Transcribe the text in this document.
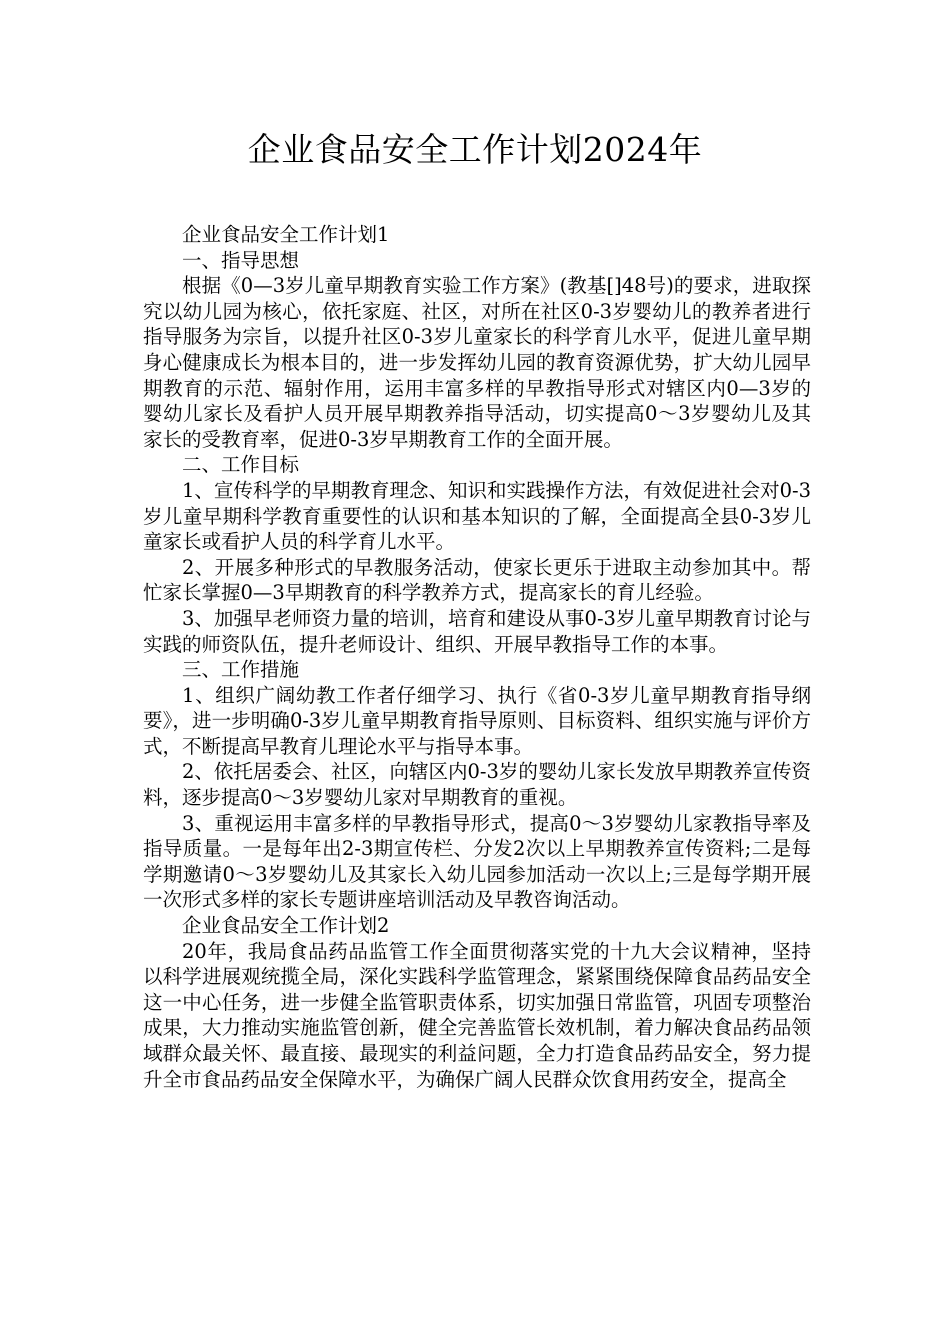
企业食品安全工作计划2024年

企业食品安全工作计划1

一、指导思想

根据《0—3岁儿童早期教育实验工作方案》(教基[]48号)的要求，进取探究以幼儿园为核心，依托家庭、社区，对所在社区0-3岁婴幼儿的教养者进行指导服务为宗旨，以提升社区0-3岁儿童家长的科学育儿水平，促进儿童早期身心健康成长为根本目的，进一步发挥幼儿园的教育资源优势，扩大幼儿园早期教育的示范、辐射作用，运用丰富多样的早教指导形式对辖区内0—3岁的婴幼儿家长及看护人员开展早期教养指导活动，切实提高0～3岁婴幼儿及其家长的受教育率，促进0-3岁早期教育工作的全面开展。

二、工作目标

1、宣传科学的早期教育理念、知识和实践操作方法，有效促进社会对0-3岁儿童早期科学教育重要性的认识和基本知识的了解，全面提高全县0-3岁儿童家长或看护人员的科学育儿水平。

2、开展多种形式的早教服务活动，使家长更乐于进取主动参加其中。帮忙家长掌握0—3早期教育的科学教养方式，提高家长的育儿经验。

3、加强早老师资力量的培训，培育和建设从事0-3岁儿童早期教育讨论与实践的师资队伍，提升老师设计、组织、开展早教指导工作的本事。

三、工作措施

1、组织广阔幼教工作者仔细学习、执行《省0-3岁儿童早期教育指导纲要》，进一步明确0-3岁儿童早期教育指导原则、目标资料、组织实施与评价方式，不断提高早教育儿理论水平与指导本事。

2、依托居委会、社区，向辖区内0-3岁的婴幼儿家长发放早期教养宣传资料，逐步提高0～3岁婴幼儿家对早期教育的重视。

3、重视运用丰富多样的早教指导形式，提高0～3岁婴幼儿家教指导率及指导质量。一是每年出2-3期宣传栏、分发2次以上早期教养宣传资料;二是每学期邀请0～3岁婴幼儿及其家长入幼儿园参加活动一次以上;三是每学期开展一次形式多样的家长专题讲座培训活动及早教咨询活动。

企业食品安全工作计划2

20年，我局食品药品监管工作全面贯彻落实党的十九大会议精神，坚持以科学进展观统揽全局，深化实践科学监管理念，紧紧围绕保障食品药品安全这一中心任务，进一步健全监管职责体系，切实加强日常监管，巩固专项整治成果，大力推动实施监管创新，健全完善监管长效机制，着力解决食品药品领域群众最关怀、最直接、最现实的利益问题，全力打造食品药品安全，努力提升全市食品药品安全保障水平，为确保广阔人民群众饮食用药安全，提高全
